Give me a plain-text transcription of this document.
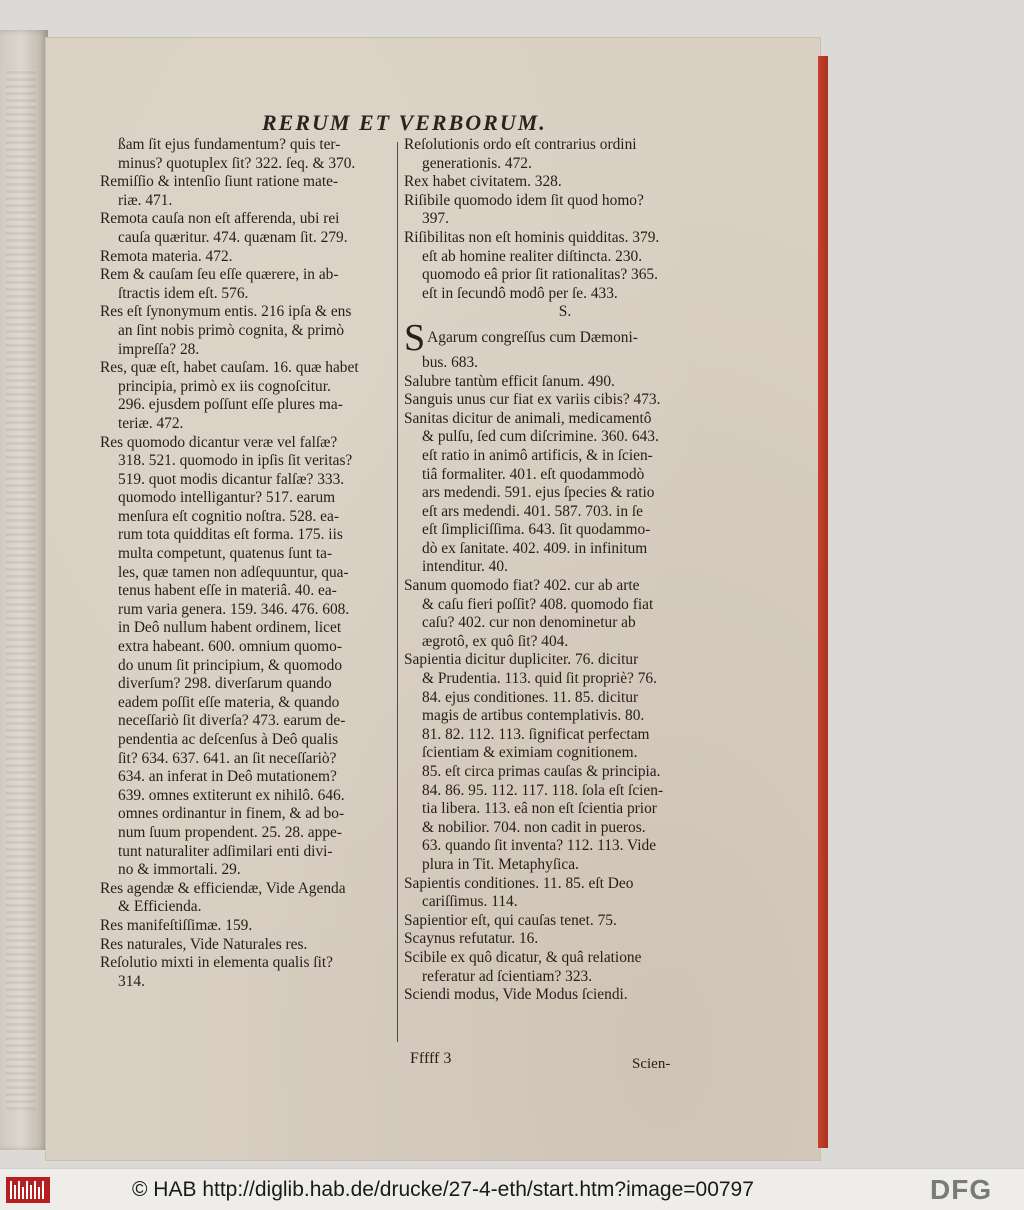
RERUM ET VERBORUM.
ßam ſit ejus fundamentum? quis ter-
minus? quotuplex ſit? 322. ſeq. & 370.
Remiſſio & intenſio ſiunt ratione mate-
riæ. 471.
Remota cauſa non eſt afferenda, ubi rei
cauſa quæritur. 474. quænam ſit. 279.
Remota materia. 472.
Rem & cauſam ſeu eſſe quærere, in ab-
ſtractis idem eſt. 576.
Res eſt ſynonymum entis. 216 ipſa & ens
an ſint nobis primò cognita, & primò
impreſſa? 28.
Res, quæ eſt, habet cauſam. 16. quæ habet
principia, primò ex iis cognoſcitur.
296. ejusdem poſſunt eſſe plures ma-
teriæ. 472.
Res quomodo dicantur veræ vel falſæ?
318. 521. quomodo in ipſis ſit veritas?
519. quot modis dicantur falſæ? 333.
quomodo intelligantur? 517. earum
menſura eſt cognitio noſtra. 528. ea-
rum tota quidditas eſt forma. 175. iis
multa competunt, quatenus ſunt ta-
les, quæ tamen non adſequuntur, qua-
tenus habent eſſe in materiâ. 40. ea-
rum varia genera. 159. 346. 476. 608.
in Deô nullum habent ordinem, licet
extra habeant. 600. omnium quomo-
do unum ſit principium, & quomodo
diverſum? 298. diverſarum quando
eadem poſſit eſſe materia, & quando
neceſſariò ſit diverſa? 473. earum de-
pendentia ac deſcenſus à Deô qualis
ſit? 634. 637. 641. an ſit neceſſariò?
634. an inferat in Deô mutationem?
639. omnes extiterunt ex nihilô. 646.
omnes ordinantur in finem, & ad bo-
num ſuum propendent. 25. 28. appe-
tunt naturaliter adſimilari enti divi-
no & immortali. 29.
Res agendæ & efficiendæ, Vide Agenda
& Efficienda.
Res manifeſtiſſimæ. 159.
Res naturales, Vide Naturales res.
Reſolutio mixti in elementa qualis ſit?
314.
Reſolutionis ordo eſt contrarius ordini
generationis. 472.
Rex habet civitatem. 328.
Riſibile quomodo idem ſit quod homo?
397.
Riſibilitas non eſt hominis quidditas. 379.
eſt ab homine realiter diſtincta. 230.
quomodo eâ prior ſit rationalitas? 365.
eſt in ſecundô modô per ſe. 433.
S.
S Agarum congreſſus cum Dæmoni-
bus. 683.
Salubre tantùm efficit ſanum. 490.
Sanguis unus cur fiat ex variis cibis? 473.
Sanitas dicitur de animali, medicamentô
& pulſu, ſed cum diſcrimine. 360. 643.
eſt ratio in animô artificis, & in ſcien-
tiâ formaliter. 401. eſt quodammodò
ars medendi. 591. ejus ſpecies & ratio
eſt ars medendi. 401. 587. 703. in ſe
eſt ſimpliciſſima. 643. ſit quodammo-
dò ex ſanitate. 402. 409. in infinitum
intenditur. 40.
Sanum quomodo fiat? 402. cur ab arte
& caſu fieri poſſit? 408. quomodo fiat
caſu? 402. cur non denominetur ab
ægrotô, ex quô ſit? 404.
Sapientia dicitur dupliciter. 76. dicitur
& Prudentia. 113. quid ſit propriè? 76.
84. ejus conditiones. 11. 85. dicitur
magis de artibus contemplativis. 80.
81. 82. 112. 113. ſignificat perfectam
ſcientiam & eximiam cognitionem.
85. eſt circa primas cauſas & principia.
84. 86. 95. 112. 117. 118. ſola eſt ſcien-
tia libera. 113. eâ non eſt ſcientia prior
& nobilior. 704. non cadit in pueros.
63. quando ſit inventa? 112. 113. Vide
plura in Tit. Metaphyſica.
Sapientis conditiones. 11. 85. eſt Deo
cariſſimus. 114.
Sapientior eſt, qui cauſas tenet. 75.
Scaynus refutatur. 16.
Scibile ex quô dicatur, & quâ relatione
referatur ad ſcientiam? 323.
Sciendi modus, Vide Modus ſciendi.
Fffff 3	Scien-
© HAB http://diglib.hab.de/drucke/27-4-eth/start.htm?image=00797	DFG
